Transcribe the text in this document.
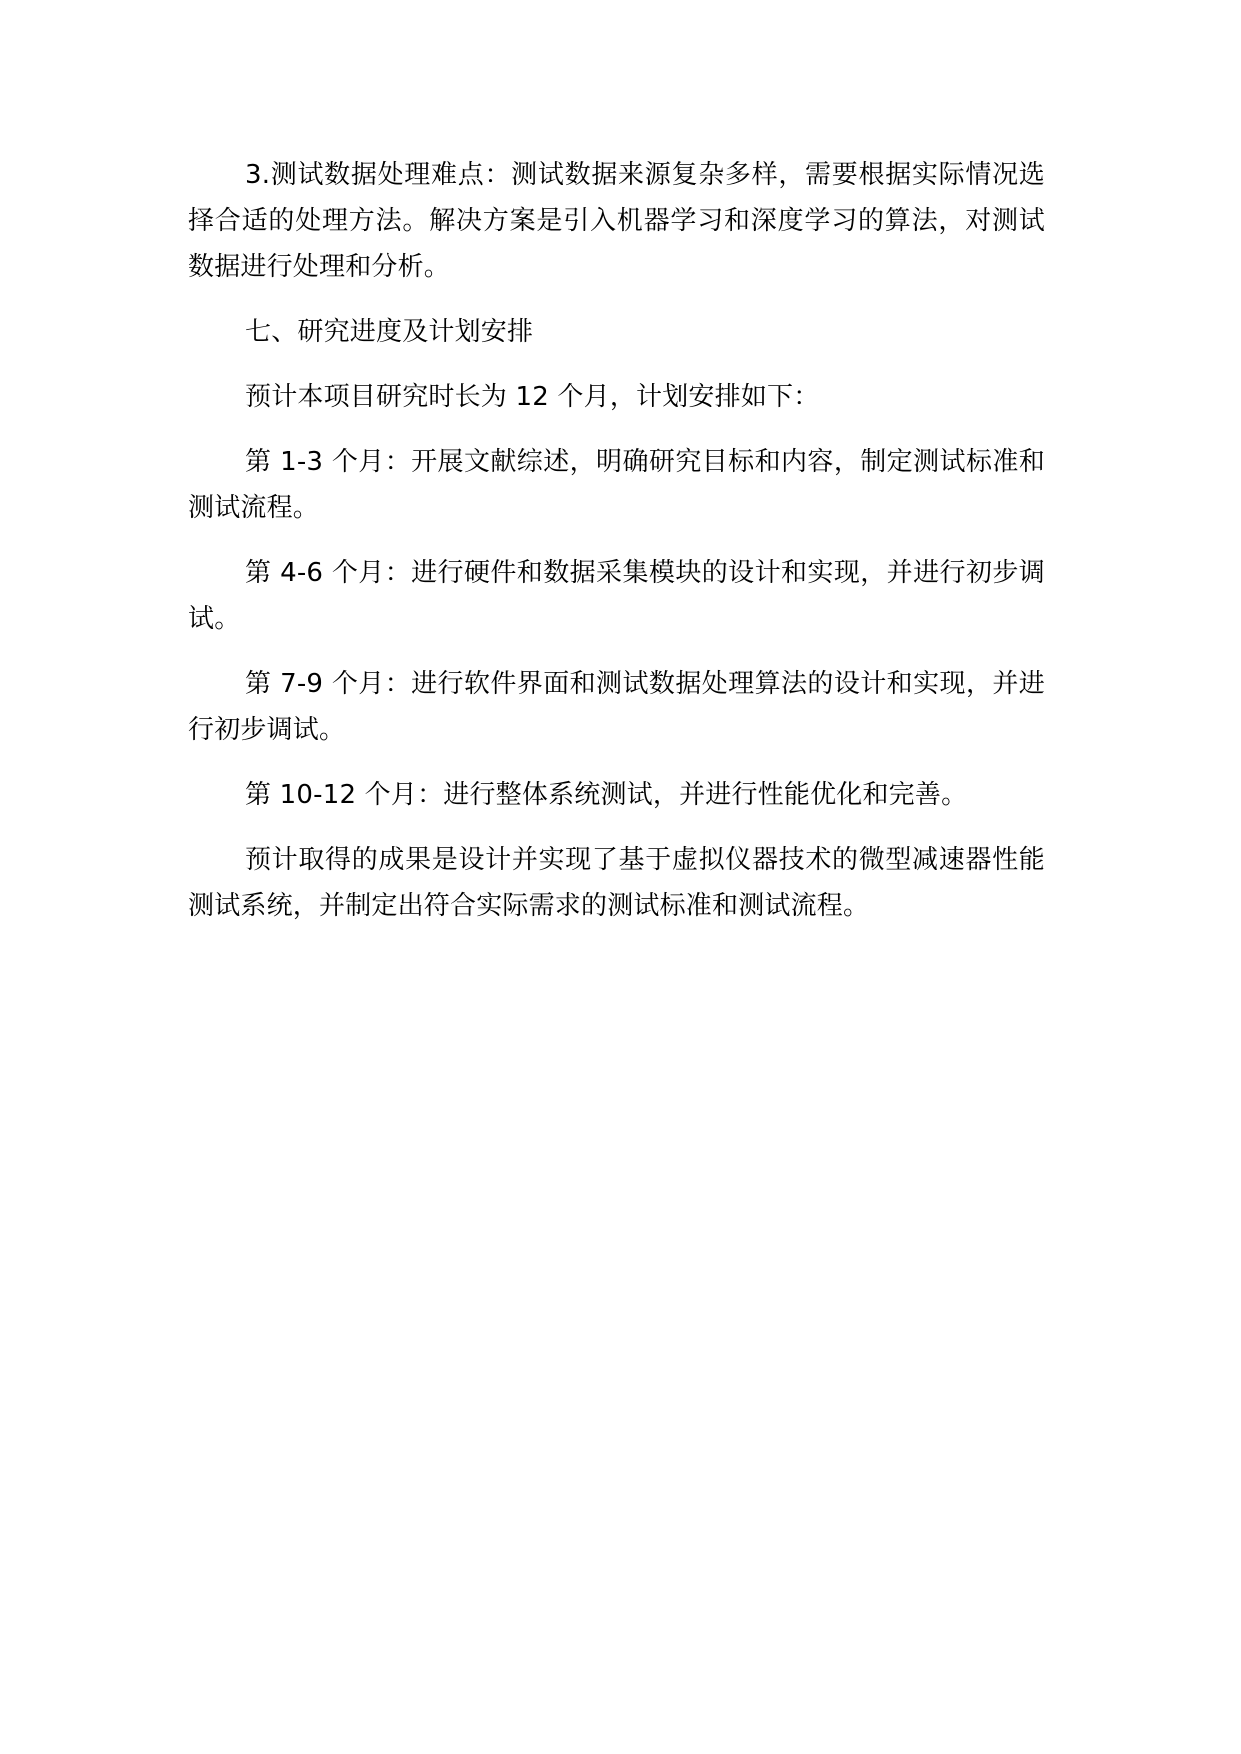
3.测试数据处理难点：测试数据来源复杂多样，需要根据实际情况选择合适的处理方法。解决方案是引入机器学习和深度学习的算法，对测试数据进行处理和分析。

七、研究进度及计划安排

预计本项目研究时长为 12 个月，计划安排如下：

第 1-3 个月：开展文献综述，明确研究目标和内容，制定测试标准和测试流程。

第 4-6 个月：进行硬件和数据采集模块的设计和实现，并进行初步调试。

第 7-9 个月：进行软件界面和测试数据处理算法的设计和实现，并进行初步调试。

第 10-12 个月：进行整体系统测试，并进行性能优化和完善。

预计取得的成果是设计并实现了基于虚拟仪器技术的微型减速器性能测试系统，并制定出符合实际需求的测试标准和测试流程。
